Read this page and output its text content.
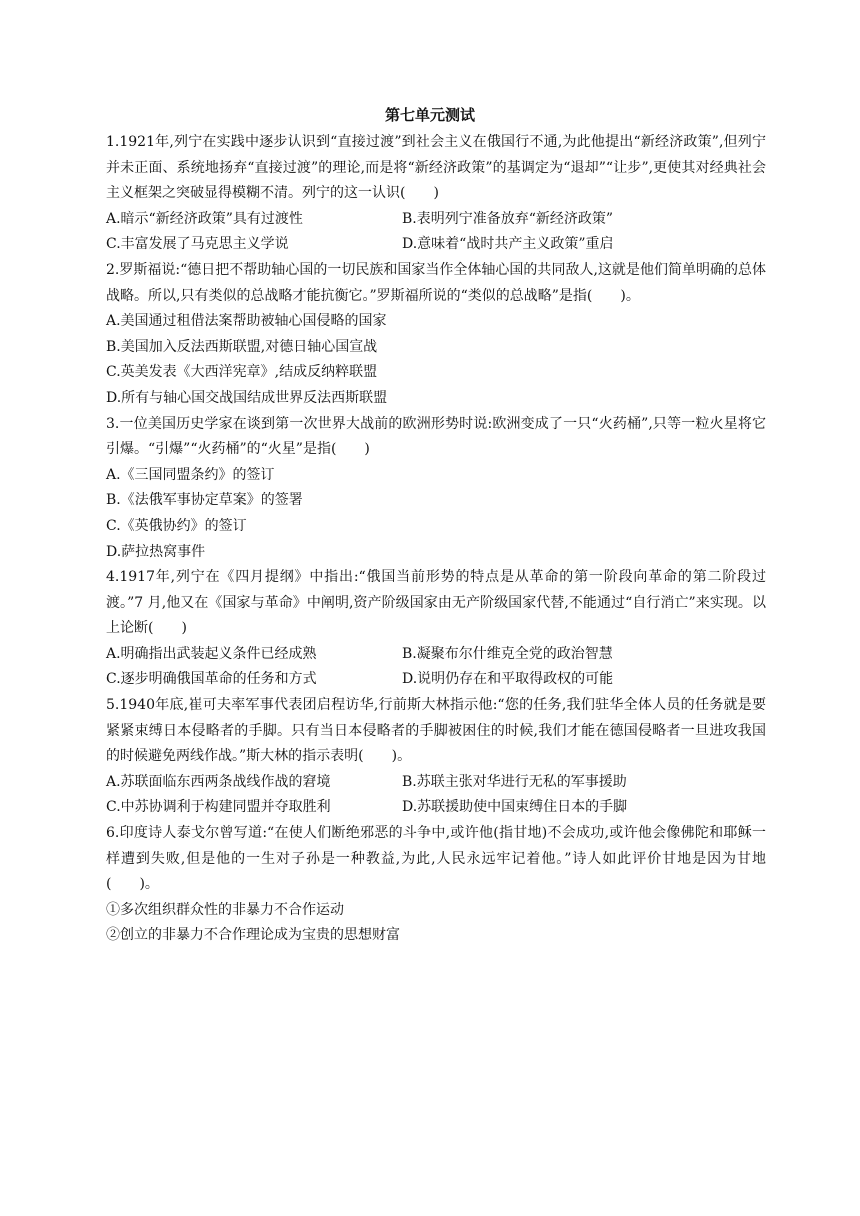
第七单元测试

1.1921年,列宁在实践中逐步认识到“直接过渡”到社会主义在俄国行不通,为此他提出“新经济政策”,但列宁并未正面、系统地扬弃“直接过渡”的理论,而是将“新经济政策”的基调定为“退却”“让步”,更使其对经典社会主义框架之突破显得模糊不清。列宁的这一认识(　　)

A.暗示“新经济政策”具有过渡性	B.表明列宁准备放弃“新经济政策”
C.丰富发展了马克思主义学说	D.意味着“战时共产主义政策”重启

2.罗斯福说:“德日把不帮助轴心国的一切民族和国家当作全体轴心国的共同敌人,这就是他们简单明确的总体战略。所以,只有类似的总战略才能抗衡它。”罗斯福所说的“类似的总战略”是指(　　)。

A.美国通过租借法案帮助被轴心国侵略的国家
B.美国加入反法西斯联盟,对德日轴心国宣战
C.英美发表《大西洋宪章》,结成反纳粹联盟
D.所有与轴心国交战国结成世界反法西斯联盟

3.一位美国历史学家在谈到第一次世界大战前的欧洲形势时说:欧洲变成了一只“火药桶”,只等一粒火星将它引爆。“引爆”“火药桶”的“火星”是指(　　)

A.《三国同盟条约》的签订
B.《法俄军事协定草案》的签署
C.《英俄协约》的签订
D.萨拉热窝事件

4.1917年,列宁在《四月提纲》中指出:“俄国当前形势的特点是从革命的第一阶段向革命的第二阶段过渡。”7 月,他又在《国家与革命》中阐明,资产阶级国家由无产阶级国家代替,不能通过“自行消亡”来实现。以上论断(　　)

A.明确指出武装起义条件已经成熟	B.凝聚布尔什维克全党的政治智慧
C.逐步明确俄国革命的任务和方式	D.说明仍存在和平取得政权的可能

5.1940年底,崔可夫率军事代表团启程访华,行前斯大林指示他:“您的任务,我们驻华全体人员的任务就是要紧紧束缚日本侵略者的手脚。只有当日本侵略者的手脚被困住的时候,我们才能在德国侵略者一旦进攻我国的时候避免两线作战。”斯大林的指示表明(　　)。

A.苏联面临东西两条战线作战的窘境	B.苏联主张对华进行无私的军事援助
C.中苏协调利于构建同盟并夺取胜利	D.苏联援助使中国束缚住日本的手脚

6.印度诗人泰戈尔曾写道:“在使人们断绝邪恶的斗争中,或许他(指甘地)不会成功,或许他会像佛陀和耶稣一样遭到失败,但是他的一生对子孙是一种教益,为此,人民永远牢记着他。”诗人如此评价甘地是因为甘地(　　)。

①多次组织群众性的非暴力不合作运动
②创立的非暴力不合作理论成为宝贵的思想财富
